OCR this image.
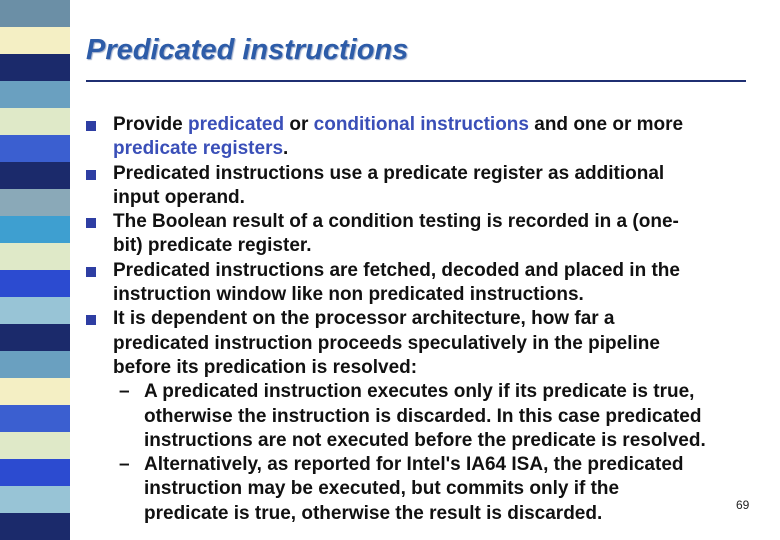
Predicated instructions
Provide predicated or conditional instructions and one or more
predicate registers.
Predicated instructions use a predicate register as additional
input operand.
The Boolean result of a condition testing is recorded in a (one-
bit) predicate register.
Predicated instructions are fetched, decoded and placed in the
instruction window like non predicated instructions.
It is dependent on the processor architecture, how far a
predicated instruction proceeds speculatively in the pipeline
before its predication is resolved:
– A predicated instruction executes only if its predicate is true,
otherwise the instruction is discarded. In this case predicated
instructions are not executed before the predicate is resolved.
– Alternatively, as reported for Intel's IA64 ISA, the predicated
instruction may be executed, but commits only if the
predicate is true, otherwise the result is discarded.	69
